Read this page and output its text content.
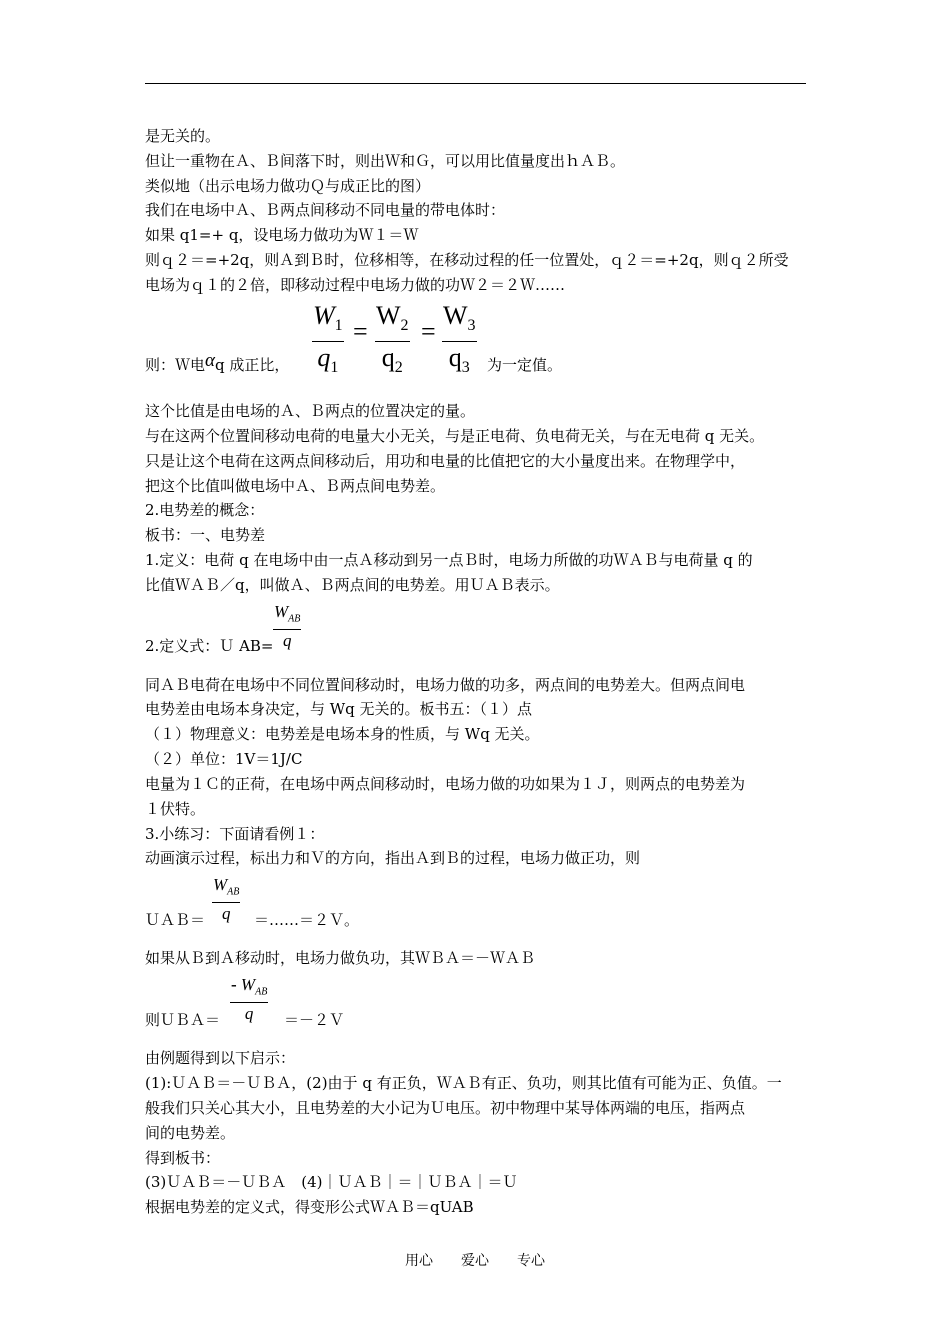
是无关的。
但让一重物在Ａ、Ｂ间落下时，则出Ｗ和Ｇ，可以用比值量度出ｈＡＢ。
类似地（出示电场力做功Ｑ与成正比的图）
我们在电场中Ａ、Ｂ两点间移动不同电量的带电体时：
如果 q1=+ q，设电场力做功为Ｗ１＝Ｗ
则ｑ２＝=+2q，则Ａ到Ｂ时，位移相等，在移动过程的任一位置处，ｑ２＝=+2q，则ｑ２所受
电场为ｑ１的２倍，即移动过程中电场力做的功Ｗ２＝２Ｗ……
$\frac{W_1}{q_1} = \frac{W_2}{q_2} = \frac{W_3}{q_3}$
则：Ｗ电αq 成正比，	为一定值。
这个比值是由电场的Ａ、Ｂ两点的位置决定的量。
与在这两个位置间移动电荷的电量大小无关，与是正电荷、负电荷无关，与在无电荷 q 无关。
只是让这个电荷在这两点间移动后，用功和电量的比值把它的大小量度出来。在物理学中，
把这个比值叫做电场中Ａ、Ｂ两点间电势差。
2.电势差的概念：
板书：一、电势差
1.定义：电荷 q 在电场中由一点Ａ移动到另一点Ｂ时，电场力所做的功ＷＡＢ与电荷量 q 的
比值ＷＡＢ／q，叫做Ａ、Ｂ两点间的电势差。用ＵＡＢ表示。
$W_{AB}$
q
2.定义式：Ｕ AB=
同ＡＢ电荷在电场中不同位置间移动时，电场力做的功多，两点间的电势差大。但两点间电
电势差由电场本身决定，与 Wq 无关的。板书五：（１）点
（１）物理意义：电势差是电场本身的性质，与 Wq 无关。
（２）单位：1V＝1J/C
电量为１Ｃ的正荷，在电场中两点间移动时，电场力做的功如果为１Ｊ，则两点的电势差为
１伏特。
3.小练习：下面请看例１：
动画演示过程，标出力和Ｖ的方向，指出Ａ到Ｂ的过程，电场力做正功，则
$W_{AB}$
q
ＵＡＢ＝	＝……＝２Ｖ。
如果从Ｂ到Ａ移动时，电场力做负功，其ＷＢＡ＝－ＷＡＢ
- $W_{AB}$
q
则ＵＢＡ＝	＝－２Ｖ
由例题得到以下启示：
(1):ＵＡＢ＝－ＵＢＡ，(2)由于 q 有正负，ＷＡＢ有正、负功，则其比值有可能为正、负值。一
般我们只关心其大小，且电势差的大小记为Ｕ电压。初中物理中某导体两端的电压，指两点
间的电势差。
得到板书：
(3)ＵＡＢ＝－ＵＢＡ　(4)｜ＵＡＢ｜＝｜ＵＢＡ｜＝Ｕ
根据电势差的定义式，得变形公式ＷＡＢ＝qUAB
用心　　爱心　　专心
